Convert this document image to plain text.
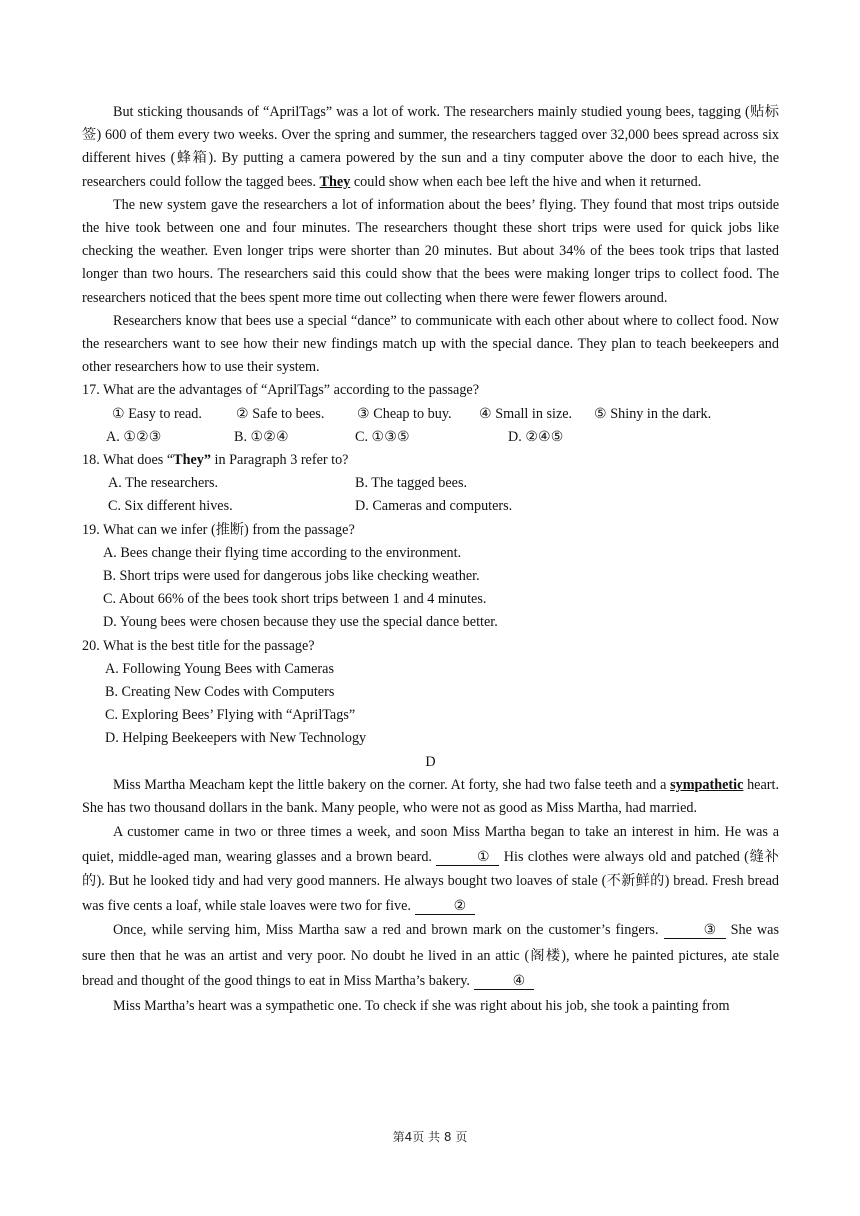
But sticking thousands of “AprilTags” was a lot of work. The researchers mainly studied young bees, tagging (贴标签) 600 of them every two weeks. Over the spring and summer, the researchers tagged over 32,000 bees spread across six different hives (蜂箱). By putting a camera powered by the sun and a tiny computer above the door to each hive, the researchers could follow the tagged bees. They could show when each bee left the hive and when it returned.

The new system gave the researchers a lot of information about the bees’ flying. They found that most trips outside the hive took between one and four minutes. The researchers thought these short trips were used for quick jobs like checking the weather. Even longer trips were shorter than 20 minutes. But about 34% of the bees took trips that lasted longer than two hours. The researchers said this could show that the bees were making longer trips to collect food. The researchers noticed that the bees spent more time out collecting when there were fewer flowers around.

Researchers know that bees use a special “dance” to communicate with each other about where to collect food. Now the researchers want to see how their new findings match up with the special dance. They plan to teach beekeepers and other researchers how to use their system.

17. What are the advantages of “AprilTags” according to the passage?

① Easy to read.	② Safe to bees.	③ Cheap to buy.	④ Small in size.	⑤ Shiny in the dark.
A. ①②③	B. ①②④	C. ①③⑤	D. ②④⑤

18. What does “They” in Paragraph 3 refer to?

A. The researchers.	B. The tagged bees.
C. Six different hives.	D. Cameras and computers.

19. What can we infer (推断) from the passage?

A. Bees change their flying time according to the environment.
B. Short trips were used for dangerous jobs like checking weather.
C. About 66% of the bees took short trips between 1 and 4 minutes.
D. Young bees were chosen because they use the special dance better.

20. What is the best title for the passage?

A. Following Young Bees with Cameras
B. Creating New Codes with Computers
C. Exploring Bees’ Flying with “AprilTags”
D. Helping Beekeepers with New Technology
D

Miss Martha Meacham kept the little bakery on the corner. At forty, she had two false teeth and a sympathetic heart. She has two thousand dollars in the bank. Many people, who were not as good as Miss Martha, had married.

A customer came in two or three times a week, and soon Miss Martha began to take an interest in him. He was a quiet, middle-aged man, wearing glasses and a brown beard.	① His clothes were always old and patched (缝补的). But he looked tidy and had very good manners. He always bought two loaves of stale (不新鲜的) bread. Fresh bread was five cents a loaf, while stale loaves were two for five.	②

Once, while serving him, Miss Martha saw a red and brown mark on the customer’s fingers.	③ She was sure then that he was an artist and very poor. No doubt he lived in an attic (阁楼), where he painted pictures, ate stale bread and thought of the good things to eat in Miss Martha’s bakery.	④

Miss Martha’s heart was a sympathetic one. To check if she was right about his job, she took a painting from

第4页 共 8 页
